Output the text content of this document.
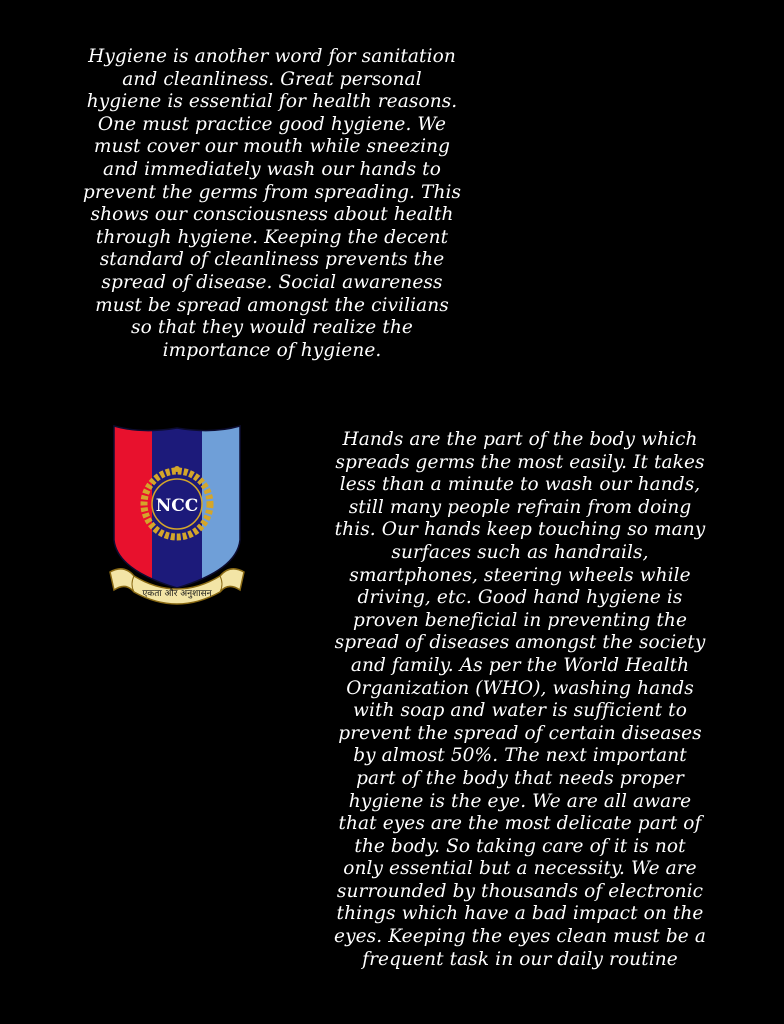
Hygiene is another word for sanitation
and cleanliness. Great personal
hygiene is essential for health reasons.
One must practice good hygiene. We
must cover our mouth while sneezing
and immediately wash our hands to
prevent the germs from spreading. This
shows our consciousness about health
through hygiene. Keeping the decent
standard of cleanliness prevents the
spread of disease. Social awareness
must be spread amongst the civilians
so that they would realize the
importance of hygiene.

NCC
एकता और अनुशासन

Hands are the part of the body which
spreads germs the most easily. It takes
less than a minute to wash our hands,
still many people refrain from doing
this. Our hands keep touching so many
surfaces such as handrails,
smartphones, steering wheels while
driving, etc. Good hand hygiene is
proven beneficial in preventing the
spread of diseases amongst the society
and family. As per the World Health
Organization (WHO), washing hands
with soap and water is sufficient to
prevent the spread of certain diseases
by almost 50%. The next important
part of the body that needs proper
hygiene is the eye. We are all aware
that eyes are the most delicate part of
the body. So taking care of it is not
only essential but a necessity. We are
surrounded by thousands of electronic
things which have a bad impact on the
eyes. Keeping the eyes clean must be a
frequent task in our daily routine
